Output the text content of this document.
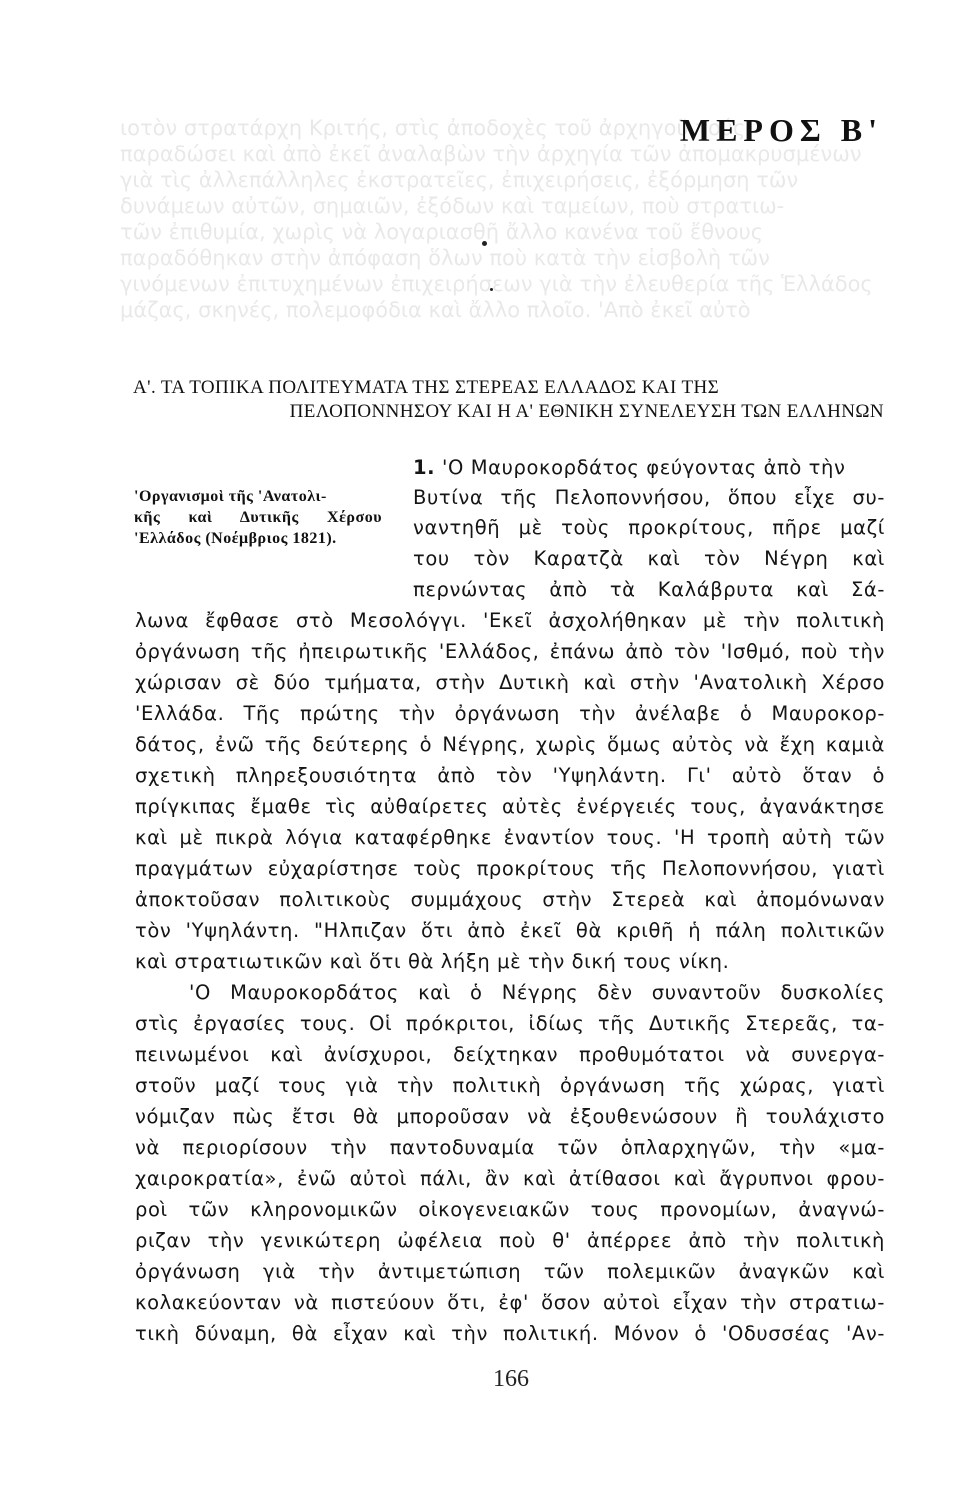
ιοτὸν στρατάρχη Κριτής, στὶς ἀποδοχὲς τοῦ ἀρχηγοῦ τούς
παραδώσει καὶ ἀπὸ ἐκεῖ ἀναλαβὼν τὴν ἀρχηγία τῶν ἀπομακρυσμένων
γιὰ τὶς ἀλλεπάλληλες ἐκστρατεῖες, ἐπιχειρήσεις, ἐξόρμηση τῶν
δυνάμεων αὐτῶν, σημαιῶν, ἐξόδων καὶ ταμείων, ποὺ στρατιω-
τῶν ἐπιθυμία, χωρὶς νὰ λογαριασθῆ ἄλλο κανένα τοῦ ἔθνους
παραδόθηκαν στὴν ἀπόφαση ὅλων ποὺ κατὰ τὴν εἰσβολὴ τῶν
γινόμενων ἐπιτυχημένων ἐπιχειρήσεων γιὰ τὴν ἐλευθερία τῆς Ἑλλάδος
μάζας, σκηνές, πολεμοφόδια καὶ ἄλλο πλοῖο. 'Απὸ ἐκεῖ αὐτὸ
ΜΕΡΟΣ Β'
Α'. ΤΑ ΤΟΠΙΚΑ ΠΟΛΙΤΕΥΜΑΤΑ ΤΗΣ ΣΤΕΡΕΑΣ ΕΛΛΑΔΟΣ ΚΑΙ ΤΗΣ
ΠΕΛΟΠΟΝΝΗΣΟΥ ΚΑΙ Η Α' ΕΘΝΙΚΗ ΣΥΝΕΛΕΥΣΗ ΤΩΝ ΕΛΛΗΝΩΝ
'Οργανισμοὶ τῆς 'Ανατολι-
κῆς καὶ Δυτικῆς Χέρσου
'Ελλάδος (Νοέμβριος 1821).
1. 'Ο Μαυροκορδάτος φεύγοντας ἀπὸ τὴν
Βυτίνα τῆς Πελοποννήσου, ὅπου εἶχε συ-
ναντηθῆ μὲ τοὺς προκρίτους, πῆρε μαζί
του τὸν Καρατζὰ καὶ τὸν Νέγρη καὶ
περνώντας ἀπὸ τὰ Καλάβρυτα καὶ Σά-
λωνα ἔφθασε στὸ Μεσολόγγι. 'Εκεῖ ἀσχολήθηκαν μὲ τὴν πολιτικὴ
ὀργάνωση τῆς ἠπειρωτικῆς 'Ελλάδος, ἐπάνω ἀπὸ τὸν 'Ισθμό, ποὺ τὴν
χώρισαν σὲ δύο τμήματα, στὴν Δυτικὴ καὶ στὴν 'Ανατολικὴ Χέρσο
'Ελλάδα. Τῆς πρώτης τὴν ὀργάνωση τὴν ἀνέλαβε ὁ Μαυροκορ-
δάτος, ἐνῶ τῆς δεύτερης ὁ Νέγρης, χωρὶς ὅμως αὐτὸς νὰ ἔχη καμιὰ
σχετικὴ πληρεξουσιότητα ἀπὸ τὸν 'Υψηλάντη. Γι' αὐτὸ ὅταν ὁ
πρίγκιπας ἔμαθε τὶς αὐθαίρετες αὐτὲς ἐνέργειές τους, ἀγανάκτησε
καὶ μὲ πικρὰ λόγια καταφέρθηκε ἐναντίον τους. 'Η τροπὴ αὐτὴ τῶν
πραγμάτων εὐχαρίστησε τοὺς προκρίτους τῆς Πελοποννήσου, γιατὶ
ἀποκτοῦσαν πολιτικοὺς συμμάχους στὴν Στερεὰ καὶ ἀπομόνωναν
τὸν 'Υψηλάντη. "Ηλπιζαν ὅτι ἀπὸ ἐκεῖ θὰ κριθῆ ἡ πάλη πολιτικῶν
καὶ στρατιωτικῶν καὶ ὅτι θὰ λήξη μὲ τὴν δική τους νίκη.
'Ο Μαυροκορδάτος καὶ ὁ Νέγρης δὲν συναντοῦν δυσκολίες
στὶς ἐργασίες τους. Οἱ πρόκριτοι, ἰδίως τῆς Δυτικῆς Στερεᾶς, τα-
πεινωμένοι καὶ ἀνίσχυροι, δείχτηκαν προθυμότατοι νὰ συνεργα-
στοῦν μαζί τους γιὰ τὴν πολιτικὴ ὀργάνωση τῆς χώρας, γιατὶ
νόμιζαν πὼς ἔτσι θὰ μποροῦσαν νὰ ἐξουθενώσουν ἢ τουλάχιστο
νὰ περιορίσουν τὴν παντοδυναμία τῶν ὁπλαρχηγῶν, τὴν «μα-
χαιροκρατία», ἐνῶ αὐτοὶ πάλι, ἂν καὶ ἀτίθασοι καὶ ἄγρυπνοι φρου-
ροὶ τῶν κληρονομικῶν οἰκογενειακῶν τους προνομίων, ἀναγνώ-
ριζαν τὴν γενικώτερη ὠφέλεια ποὺ θ' ἀπέρρεε ἀπὸ τὴν πολιτικὴ
ὀργάνωση γιὰ τὴν ἀντιμετώπιση τῶν πολεμικῶν ἀναγκῶν καὶ
κολακεύονταν νὰ πιστεύουν ὅτι, ἐφ' ὅσον αὐτοὶ εἶχαν τὴν στρατιω-
τικὴ δύναμη, θὰ εἶχαν καὶ τὴν πολιτική. Μόνον ὁ 'Οδυσσέας 'Αν-
166
